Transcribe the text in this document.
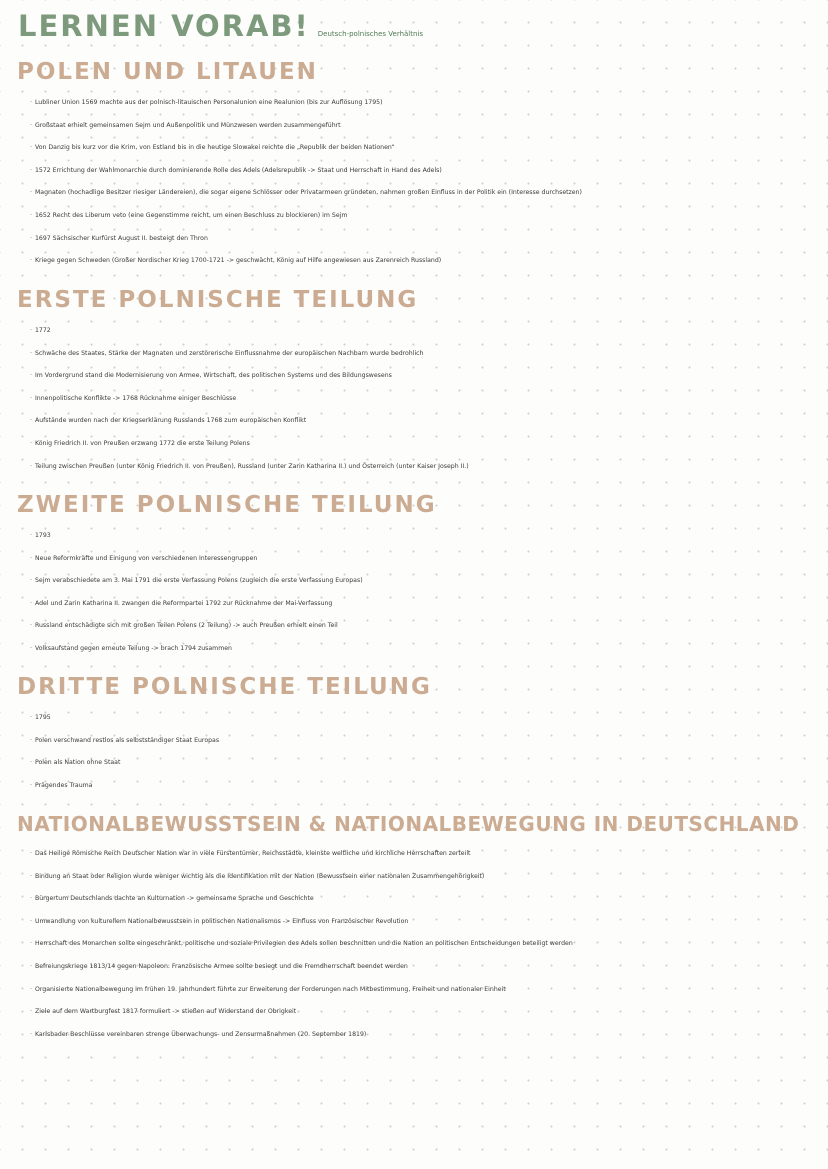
LERNEN VORAB! Deutsch-polnisches Verhältnis
POLEN UND LITAUEN
· Lubliner Union 1569 machte aus der polnisch-litauischen Personalunion eine Realunion (bis zur Auflösung 1795)
· Großstaat erhielt gemeinsamen Sejm und Außenpolitik und Münzwesen werden zusammengeführt
· Von Danzig bis kurz vor die Krim, von Estland bis in die heutige Slowakei reichte die „Republik der beiden Nationen“
· 1572 Errichtung der Wahlmonarchie durch dominierende Rolle des Adels (Adelsrepublik -> Staat und Herrschaft in Hand des Adels)
· Magnaten (hochadlige Besitzer riesiger Ländereien), die sogar eigene Schlösser oder Privatarmeen gründeten, nahmen großen Einfluss in der Politik ein (Interesse durchsetzen)
· 1652 Recht des Liberum veto (eine Gegenstimme reicht, um einen Beschluss zu blockieren) im Sejm
· 1697 Sächsischer Kurfürst August II. besteigt den Thron
· Kriege gegen Schweden (Großer Nordischer Krieg 1700-1721 -> geschwächt, König auf Hilfe angewiesen aus Zarenreich Russland)
ERSTE POLNISCHE TEILUNG
· 1772
· Schwäche des Staates, Stärke der Magnaten und zerstörerische Einflussnahme der europäischen Nachbarn wurde bedrohlich
· Im Vordergrund stand die Modernisierung von Armee, Wirtschaft, des politischen Systems und des Bildungswesens
· Innenpolitische Konflikte -> 1768 Rücknahme einiger Beschlüsse
· Aufstände wurden nach der Kriegserklärung Russlands 1768 zum europäischen Konflikt
· König Friedrich II. von Preußen erzwang 1772 die erste Teilung Polens
· Teilung zwischen Preußen (unter König Friedrich II. von Preußen), Russland (unter Zarin Katharina II.) und Österreich (unter Kaiser Joseph II.)
ZWEITE POLNISCHE TEILUNG
· 1793
· Neue Reformkräfte und Einigung von verschiedenen Interessengruppen
· Sejm verabschiedete am 3. Mai 1791 die erste Verfassung Polens (zugleich die erste Verfassung Europas)
· Adel und Zarin Katharina II. zwangen die Reformpartei 1792 zur Rücknahme der Mai-Verfassung
· Russland entschädigte sich mit großen Teilen Polens (2 Teilung) -> auch Preußen erhielt einen Teil
· Volksaufstand gegen erneute Teilung -> brach 1794 zusammen
DRITTE POLNISCHE TEILUNG
· 1795
· Polen verschwand restlos als selbstständiger Staat Europas
· Polen als Nation ohne Staat
· Prägendes Trauma
NATIONALBEWUSSTSEIN & NATIONALBEWEGUNG IN DEUTSCHLAND
· Das Heilige Römische Reich Deutscher Nation war in viele Fürstentümer, Reichsstädte, kleinste weltliche und kirchliche Herrschaften zerteilt
· Bindung an Staat oder Religion wurde weniger wichtig als die Identifikation mit der Nation (Bewusstsein einer nationalen Zusammengehörigkeit)
· Bürgertum Deutschlands dachte an Kulturnation -> gemeinsame Sprache und Geschichte
· Umwandlung von kulturellem Nationalbewusstsein in politischen Nationalismus -> Einfluss von Französischer Revolution
· Herrschaft des Monarchen sollte eingeschränkt, politische und soziale Privilegien des Adels sollen beschnitten und die Nation an politischen Entscheidungen beteiligt werden
· Befreiungskriege 1813/14 gegen Napoleon: Französische Armee sollte besiegt und die Fremdherrschaft beendet werden
· Organisierte Nationalbewegung im frühen 19. Jahrhundert führte zur Erweiterung der Forderungen nach Mitbestimmung, Freiheit und nationaler Einheit
· Ziele auf dem Wartburgfest 1817 formuliert -> stießen auf Widerstand der Obrigkeit
· Karlsbader Beschlüsse vereinbaren strenge Überwachungs- und Zensurmaßnahmen (20. September 1819)
